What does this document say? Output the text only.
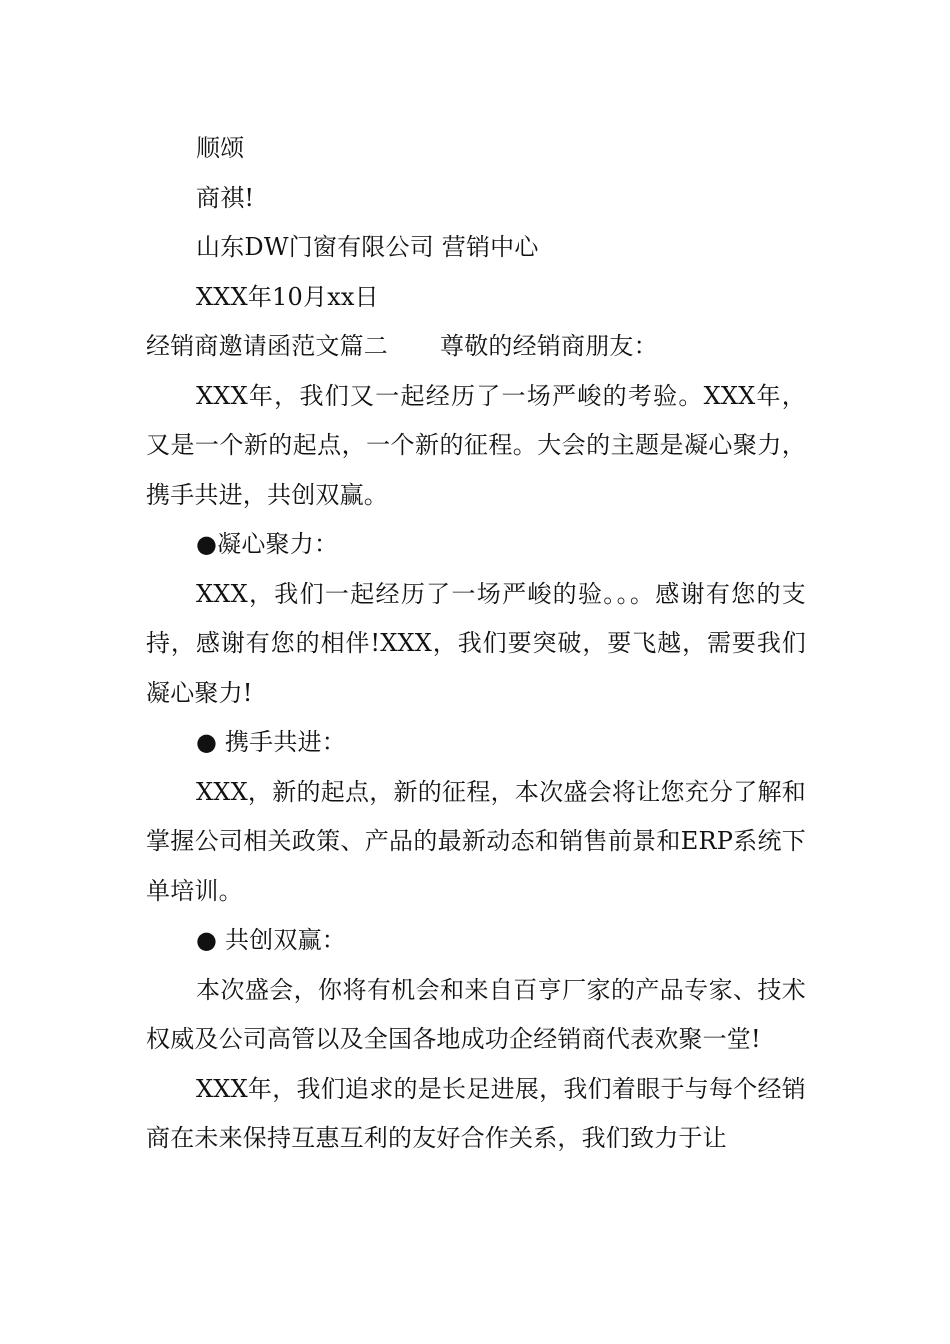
顺颂
商祺!
山东DW门窗有限公司 营销中心
XXX年10月xx日
经销商邀请函范文篇二 尊敬的经销商朋友：
XXX年，我们又一起经历了一场严峻的考验。XXX年，又是一个新的起点，一个新的征程。大会的主题是凝心聚力，携手共进，共创双赢。
●凝心聚力：
XXX，我们一起经历了一场严峻的验。。。感谢有您的支持，感谢有您的相伴!XXX，我们要突破，要飞越，需要我们凝心聚力!
● 携手共进：
XXX，新的起点，新的征程，本次盛会将让您充分了解和掌握公司相关政策、产品的最新动态和销售前景和ERP系统下单培训。
● 共创双赢：
本次盛会，你将有机会和来自百亨厂家的产品专家、技术权威及公司高管以及全国各地成功企经销商代表欢聚一堂!
XXX年，我们追求的是长足进展，我们着眼于与每个经销商在未来保持互惠互利的友好合作关系，我们致力于让
